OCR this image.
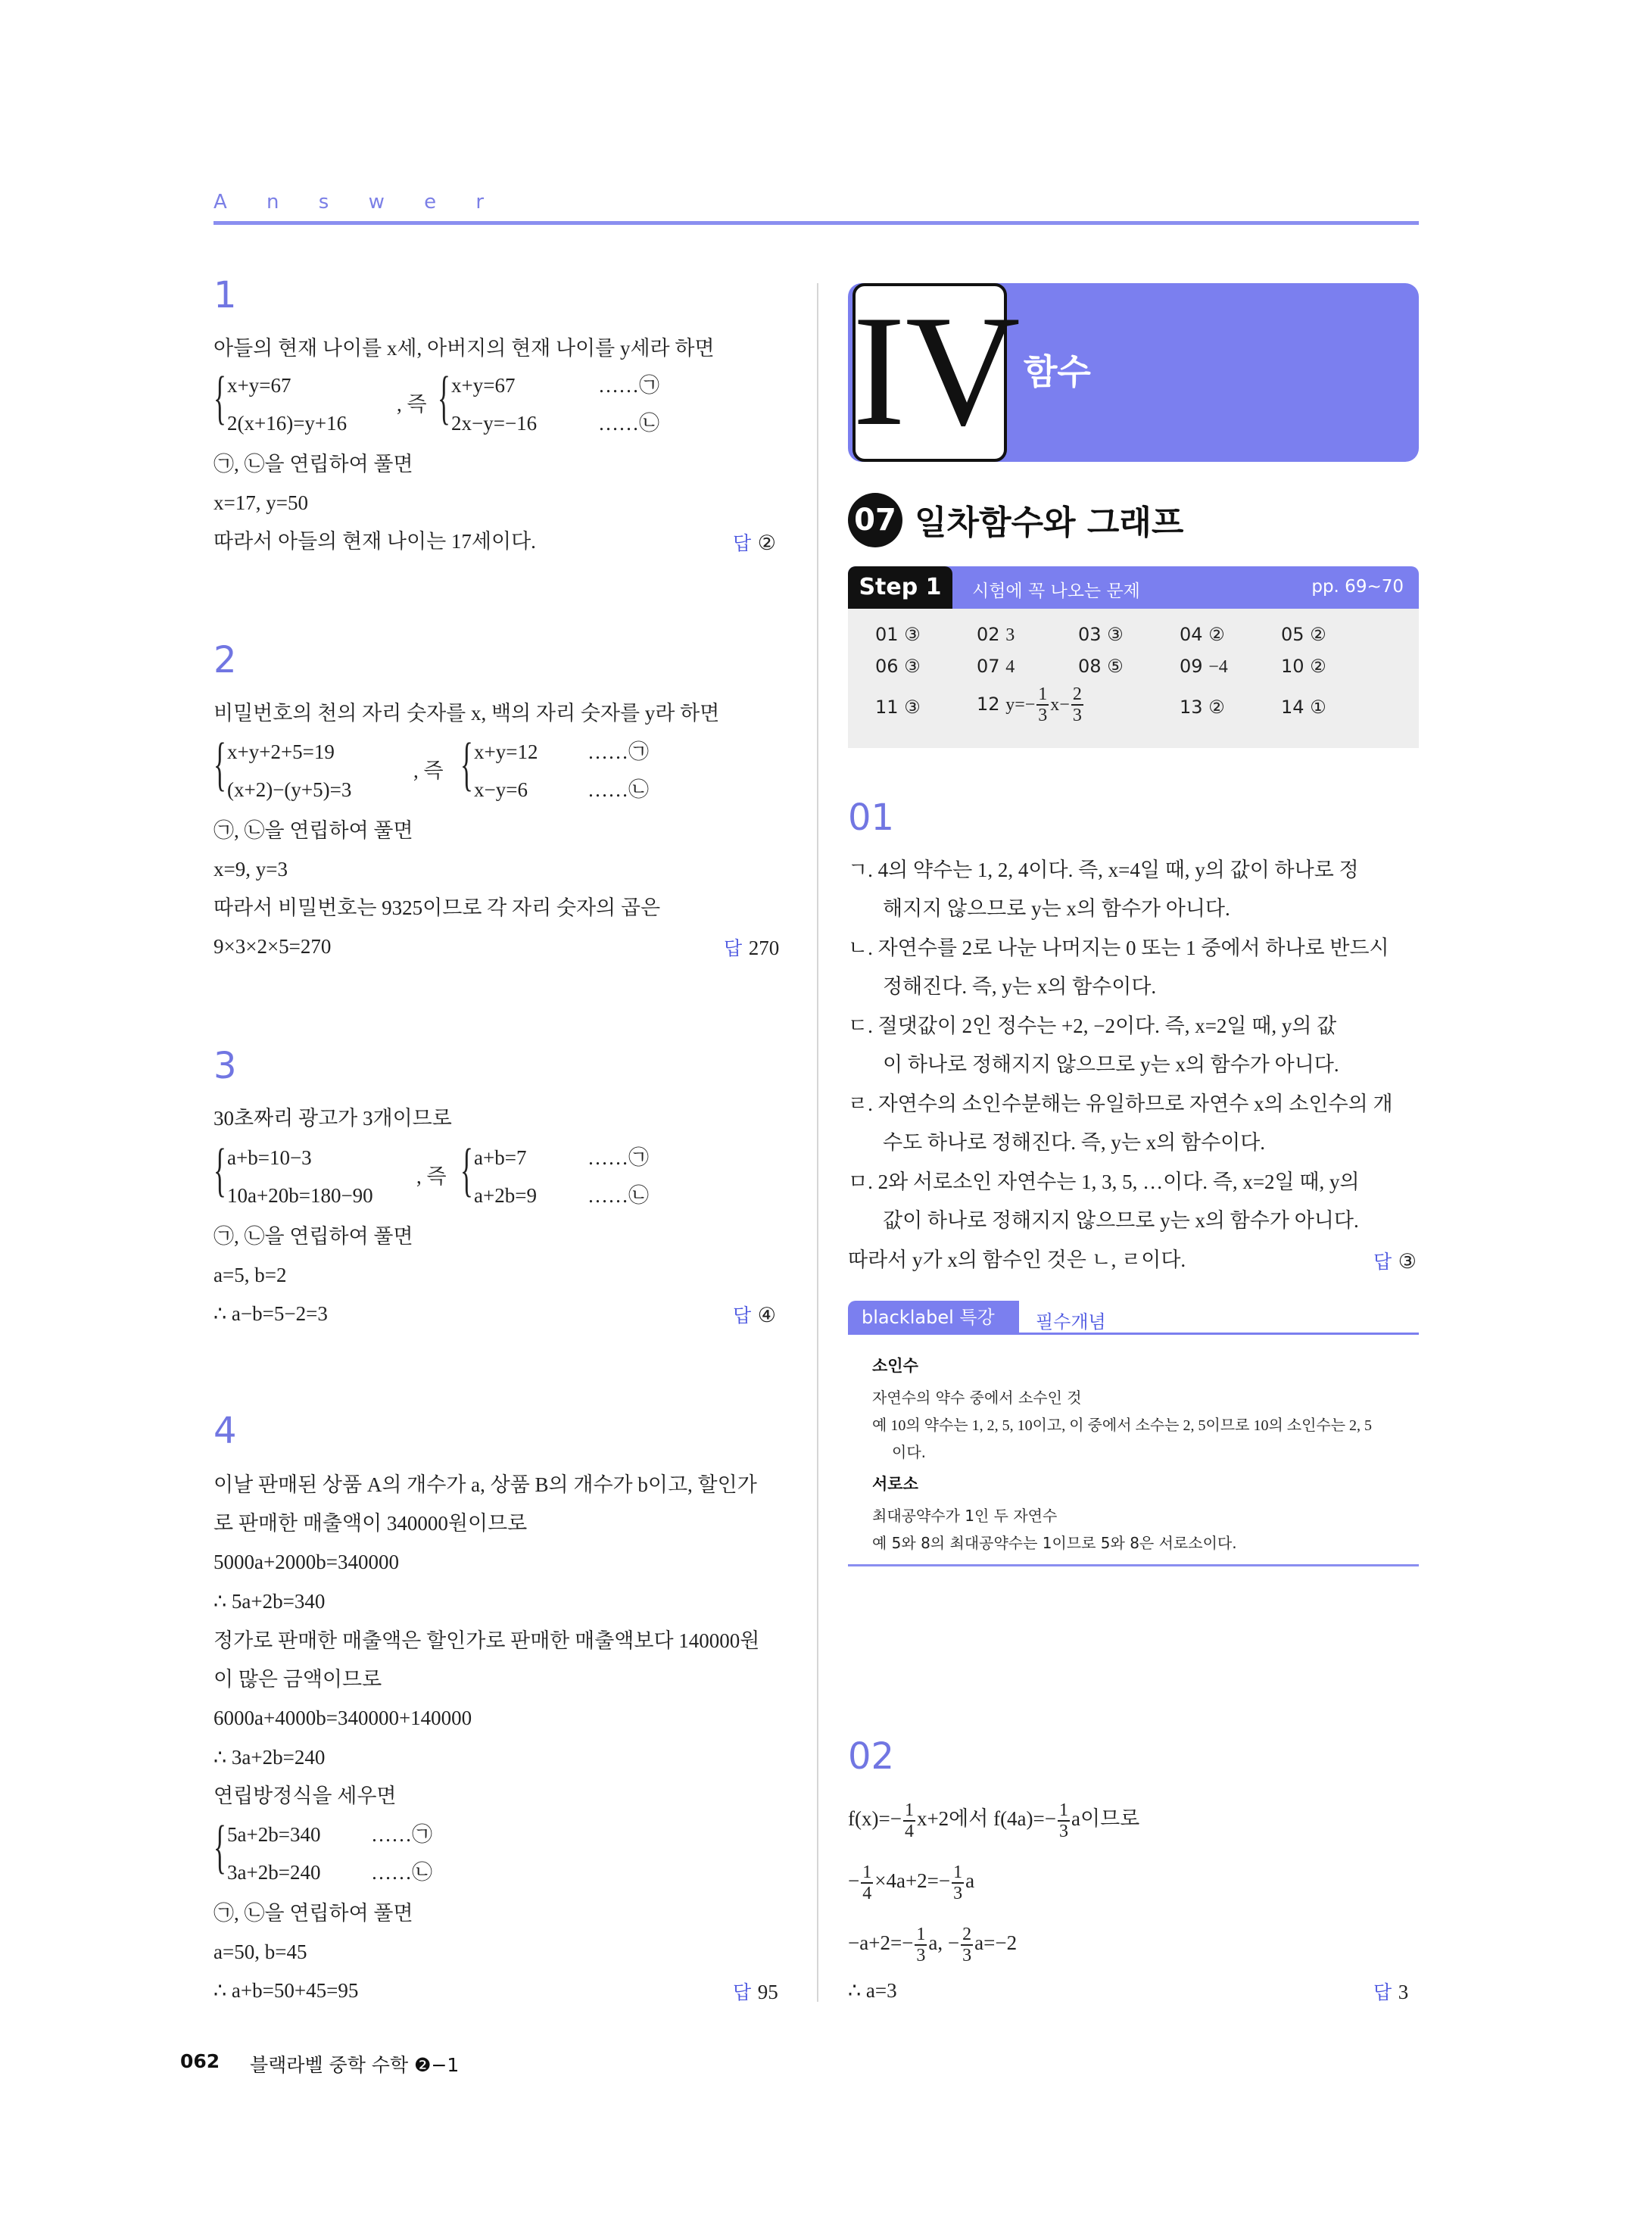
A n s w e r
1
아들의 현재 나이를 x세, 아버지의 현재 나이를 y세라 하면
{ x+y=67
2(x+16)=y+16
, 즉 { x+y=67
2x−y=−16
……㉠
……㉡
㉠, ㉡을 연립하여 풀면
x=17, y=50
따라서 아들의 현재 나이는 17세이다.	답 ②
2
비밀번호의 천의 자리 숫자를 x, 백의 자리 숫자를 y라 하면
{ x+y+2+5=19
(x+2)−(y+5)=3
, 즉 { x+y=12
x−y=6
……㉠
……㉡
㉠, ㉡을 연립하여 풀면
x=9, y=3
따라서 비밀번호는 9325이므로 각 자리 숫자의 곱은
9×3×2×5=270	답 270
3
30초짜리 광고가 3개이므로
{ a+b=10−3
10a+20b=180−90
, 즉 { a+b=7
a+2b=9
……㉠
……㉡
㉠, ㉡을 연립하여 풀면
a=5, b=2
∴ a−b=5−2=3	답 ④
4
이날 판매된 상품 A의 개수가 a, 상품 B의 개수가 b이고, 할인가
로 판매한 매출액이 340000원이므로
5000a+2000b=340000
∴ 5a+2b=340
정가로 판매한 매출액은 할인가로 판매한 매출액보다 140000원
이 많은 금액이므로
6000a+4000b=340000+140000
∴ 3a+2b=240
연립방정식을 세우면
{ 5a+2b=340
3a+2b=240
……㉠
……㉡
㉠, ㉡을 연립하여 풀면
a=50, b=45
∴ a+b=50+45=95	답 95
IV 함수
07 일차함수와 그래프
Step 1	시험에 꼭 나오는 문제	pp. 69~70
01 ③	02 3	03 ③	04 ②	05 ②
06 ③	07 4	08 ⑤	09 −4	10 ②
11 ③	12 $y=- \frac{1}{3} x- \frac{2}{3}$	13 ②	14 ①
01
ㄱ. 4의 약수는 1, 2, 4이다. 즉, x=4일 때, y의 값이 하나로 정
해지지 않으므로 y는 x의 함수가 아니다.
ㄴ. 자연수를 2로 나눈 나머지는 0 또는 1 중에서 하나로 반드시
정해진다. 즉, y는 x의 함수이다.
ㄷ. 절댓값이 2인 정수는 +2, −2이다. 즉, x=2일 때, y의 값
이 하나로 정해지지 않으므로 y는 x의 함수가 아니다.
ㄹ. 자연수의 소인수분해는 유일하므로 자연수 x의 소인수의 개
수도 하나로 정해진다. 즉, y는 x의 함수이다.
ㅁ. 2와 서로소인 자연수는 1, 3, 5, …이다. 즉, x=2일 때, y의
값이 하나로 정해지지 않으므로 y는 x의 함수가 아니다.
따라서 y가 x의 함수인 것은 ㄴ, ㄹ이다.	답 ③
blacklabel 특강	필수개념
소인수
자연수의 약수 중에서 소수인 것
예 10의 약수는 1, 2, 5, 10이고, 이 중에서 소수는 2, 5이므로 10의 소인수는 2, 5
이다.
서로소
최대공약수가 1인 두 자연수
예 5와 8의 최대공약수는 1이므로 5와 8은 서로소이다.
02
$f(x)=- \frac{1}{4} x+2$에서 $f(4a)=- \frac{1}{3}$ a이므로
− $\frac{1}{4} \times 4a+2=- \frac{1}{3}$ a
$-a+2=- \frac{1}{3} a$, − $\frac{2}{3} a=-2$
∴ a=3	답 3
062 블랙라벨 중학 수학 ❷−1
